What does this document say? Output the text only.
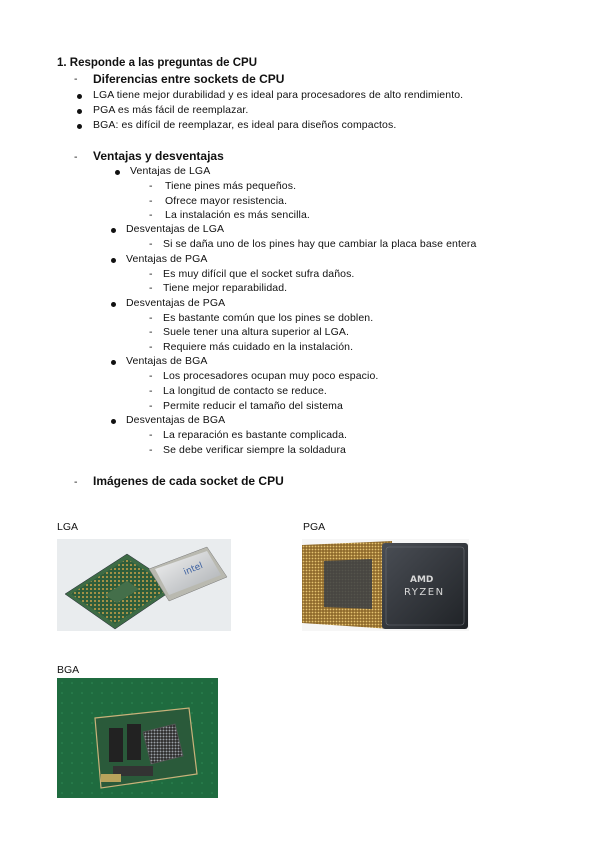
1. Responde a las preguntas de CPU
- Diferencias entre sockets de CPU
LGA tiene mejor durabilidad y es ideal para procesadores de alto rendimiento.
PGA es más fácil de reemplazar.
BGA: es difícil de reemplazar, es ideal para diseños compactos.
- Ventajas y desventajas
Ventajas de LGA
- Tiene pines más pequeños.
- Ofrece mayor resistencia.
- La instalación es más sencilla.
Desventajas de LGA
- Si se daña uno de los pines hay que cambiar la placa base entera
Ventajas de PGA
- Es muy difícil que el socket sufra daños.
- Tiene mejor reparabilidad.
Desventajas de PGA
- Es bastante común que los pines se doblen.
- Suele tener una altura superior al LGA.
- Requiere más cuidado en la instalación.
Ventajas de BGA
- Los procesadores ocupan muy poco espacio.
- La longitud de contacto se reduce.
- Permite reducir el tamaño del sistema
Desventajas de BGA
- La reparación es bastante complicada.
- Se debe verificar siempre la soldadura
- Imágenes de cada socket de CPU
LGA	PGA
BGA
intel
AMD
RYZEN
